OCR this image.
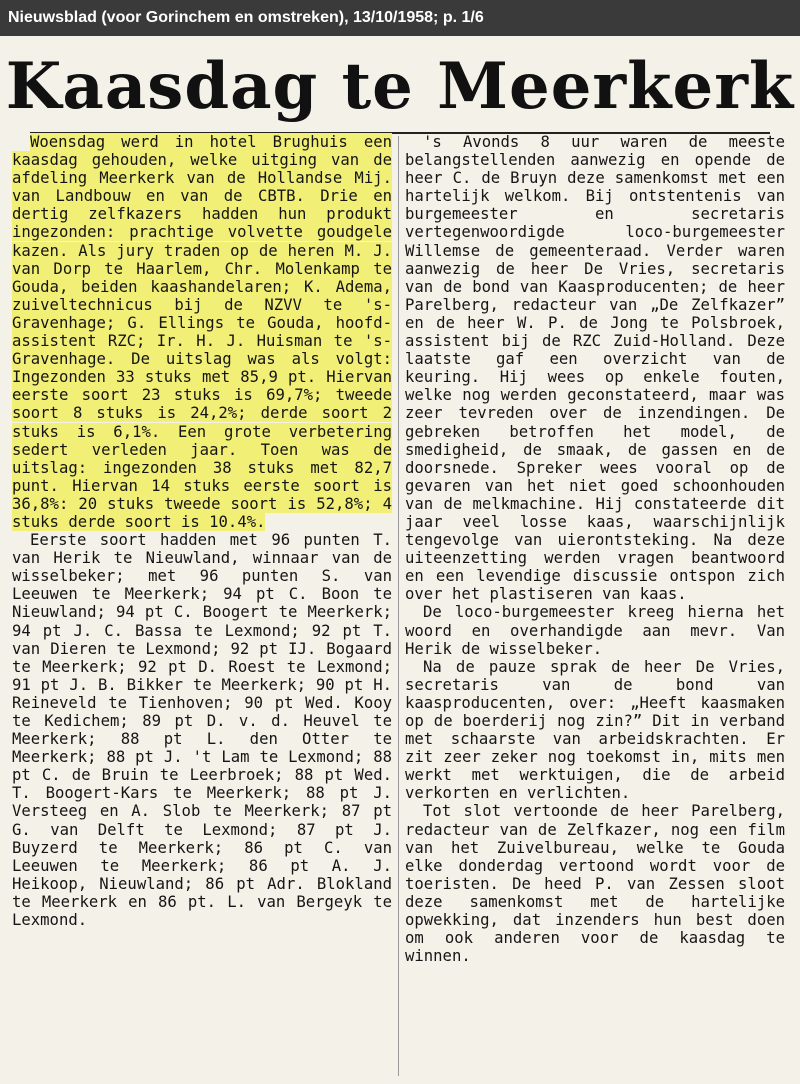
Nieuwsblad (voor Gorinchem en omstreken), 13/10/1958; p. 1/6
Kaasdag te Meerkerk

Woensdag werd in hotel Brughuis een kaasdag gehouden, welke uitging van de afdeling Meerkerk van de Hollandse Mij. van Landbouw en van de CBTB. Drie en dertig zelfkazers hadden hun produkt ingezonden: prachtige volvette goudgele kazen. Als jury traden op de heren M. J. van Dorp te Haarlem, Chr. Molenkamp te Gouda, beiden kaashandelaren; K. Adema, zuiveltechnicus bij de NZVV te 's-Gravenhage; G. Ellings te Gouda, hoofdassistent RZC; Ir. H. J. Huisman te 's-Gravenhage. De uitslag was als volgt: Ingezonden 33 stuks met 85,9 pt. Hiervan eerste soort 23 stuks is 69,7%; tweede soort 8 stuks is 24,2%; derde soort 2 stuks is 6,1%. Een grote verbetering sedert verleden jaar. Toen was de uitslag: ingezonden 38 stuks met 82,7 punt. Hiervan 14 stuks eerste soort is 36,8%: 20 stuks tweede soort is 52,8%; 4 stuks derde soort is 10.4%.

Eerste soort hadden met 96 punten T. van Herik te Nieuwland, winnaar van de wisselbeker; met 96 punten S. van Leeuwen te Meerkerk; 94 pt C. Boon te Nieuwland; 94 pt C. Boogert te Meerkerk; 94 pt J. C. Bassa te Lexmond; 92 pt T. van Dieren te Lexmond; 92 pt IJ. Bogaard te Meerkerk; 92 pt D. Roest te Lexmond; 91 pt J. B. Bikker te Meerkerk; 90 pt H. Reineveld te Tienhoven; 90 pt Wed. Kooy te Kedichem; 89 pt D. v. d. Heuvel te Meerkerk; 88 pt L. den Otter te Meerkerk; 88 pt J. 't Lam te Lexmond; 88 pt C. de Bruin te Leerbroek; 88 pt Wed. T. Boogert-Kars te Meerkerk; 88 pt J. Versteeg en A. Slob te Meerkerk; 87 pt G. van Delft te Lexmond; 87 pt J. Buyzerd te Meerkerk; 86 pt C. van Leeuwen te Meerkerk; 86 pt A. J. Heikoop, Nieuwland; 86 pt Adr. Blokland te Meerkerk en 86 pt. L. van Bergeyk te Lexmond.

's Avonds 8 uur waren de meeste belangstellenden aanwezig en opende de heer C. de Bruyn deze samenkomst met een hartelijk welkom. Bij ontstentenis van burgemeester en secretaris vertegenwoordigde loco-burgemeester Willemse de gemeenteraad. Verder waren aanwezig de heer De Vries, secretaris van de bond van Kaasproducenten; de heer Parelberg, redacteur van „De Zelfkazer” en de heer W. P. de Jong te Polsbroek, assistent bij de RZC Zuid-Holland. Deze laatste gaf een overzicht van de keuring. Hij wees op enkele fouten, welke nog werden geconstateerd, maar was zeer tevreden over de inzendingen. De gebreken betroffen het model, de smedigheid, de smaak, de gassen en de doorsnede. Spreker wees vooral op de gevaren van het niet goed schoonhouden van de melkmachine. Hij constateerde dit jaar veel losse kaas, waarschijnlijk tengevolge van uierontsteking. Na deze uiteenzetting werden vragen beantwoord en een levendige discussie ontspon zich over het plastiseren van kaas.

De loco-burgemeester kreeg hierna het woord en overhandigde aan mevr. Van Herik de wisselbeker.

Na de pauze sprak de heer De Vries, secretaris van de bond van kaasproducenten, over: „Heeft kaasmaken op de boerderij nog zin?” Dit in verband met schaarste van arbeidskrachten. Er zit zeer zeker nog toekomst in, mits men werkt met werktuigen, die de arbeid verkorten en verlichten.

Tot slot vertoonde de heer Parelberg, redacteur van de Zelfkazer, nog een film van het Zuivelbureau, welke te Gouda elke donderdag vertoond wordt voor de toeristen. De heed P. van Zessen sloot deze samenkomst met de hartelijke opwekking, dat inzenders hun best doen om ook anderen voor de kaasdag te winnen.
